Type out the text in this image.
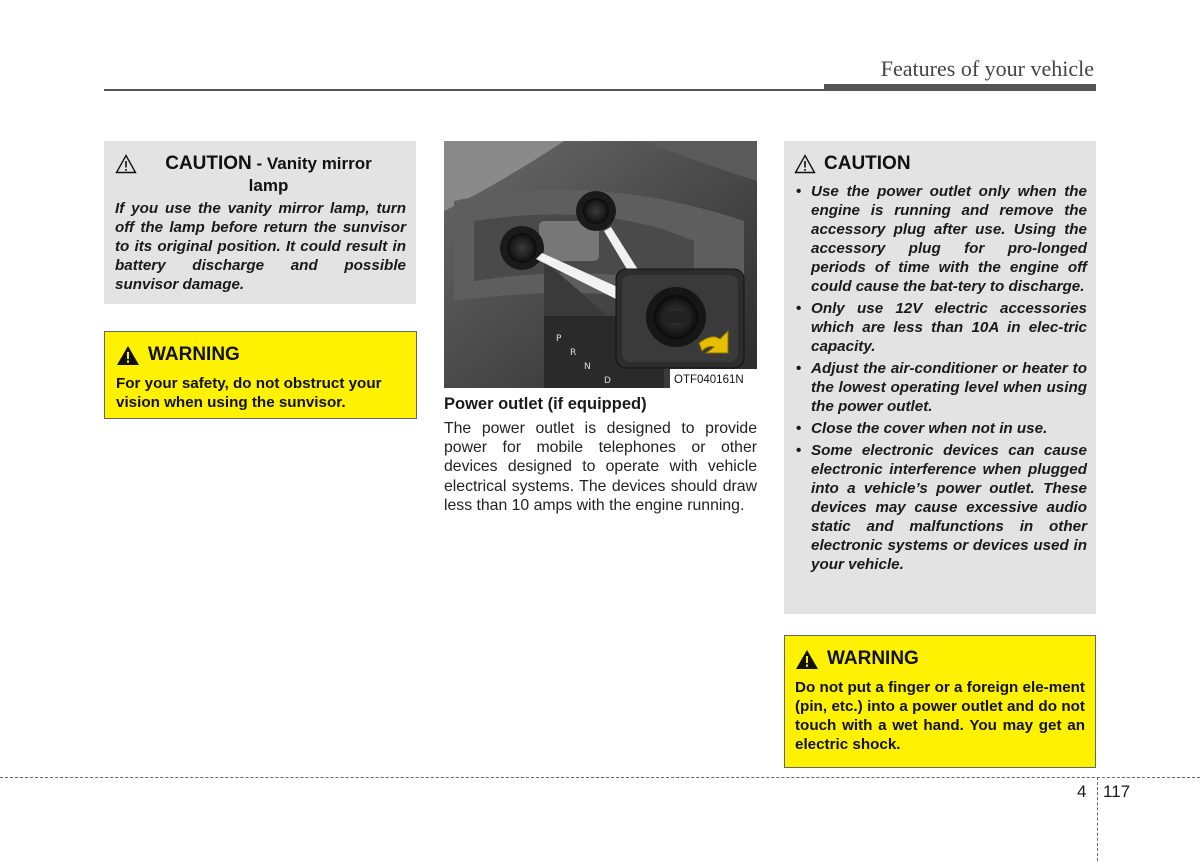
Features of your vehicle
CAUTION - Vanity mirror
lamp
If you use the vanity mirror lamp, turn off the lamp before return the sunvisor to its original position. It could result in battery discharge and possible sunvisor damage.
WARNING
For your safety, do not obstruct your vision when using the sunvisor.
P
R
N
D	OTF040161N
Power outlet (if equipped)
The power outlet is designed to provide power for mobile telephones or other devices designed to operate with vehicle electrical systems. The devices should draw less than 10 amps with the engine running.
CAUTION
• Use the power outlet only when the engine is running and remove the accessory plug after use. Using the accessory plug for pro-longed periods of time with the engine off could cause the bat-tery to discharge.
• Only use 12V electric accessories which are less than 10A in elec-tric capacity.
• Adjust the air-conditioner or heater to the lowest operating level when using the power outlet.
• Close the cover when not in use.
• Some electronic devices can cause electronic interference when plugged into a vehicle’s power outlet. These devices may cause excessive audio static and malfunctions in other electronic systems or devices used in your vehicle.
WARNING
Do not put a finger or a foreign ele-ment (pin, etc.) into a power outlet and do not touch with a wet hand. You may get an electric shock.
4 117
